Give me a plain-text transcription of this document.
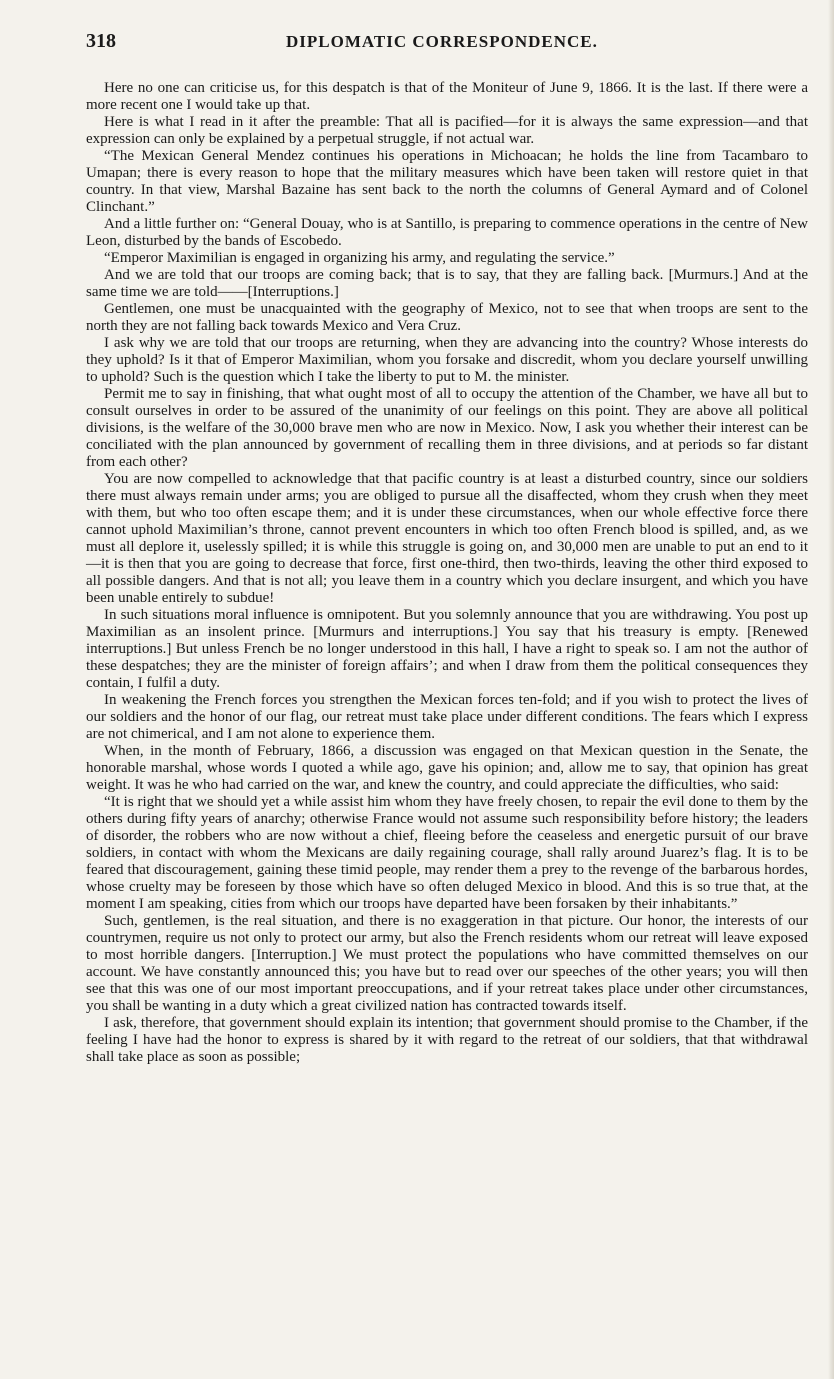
318	DIPLOMATIC CORRESPONDENCE.

Here no one can criticise us, for this despatch is that of the Moniteur of June 9, 1866. It is the last. If there were a more recent one I would take up that.

Here is what I read in it after the preamble: That all is pacified—for it is always the same expression—and that expression can only be explained by a perpetual struggle, if not actual war.

“The Mexican General Mendez continues his operations in Michoacan; he holds the line from Tacambaro to Umapan; there is every reason to hope that the military measures which have been taken will restore quiet in that country. In that view, Marshal Bazaine has sent back to the north the columns of General Aymard and of Colonel Clinchant.”

And a little further on: “General Douay, who is at Santillo, is preparing to commence operations in the centre of New Leon, disturbed by the bands of Escobedo.

“Emperor Maximilian is engaged in organizing his army, and regulating the service.”

And we are told that our troops are coming back; that is to say, that they are falling back. [Murmurs.] And at the same time we are told——[Interruptions.]

Gentlemen, one must be unacquainted with the geography of Mexico, not to see that when troops are sent to the north they are not falling back towards Mexico and Vera Cruz.

I ask why we are told that our troops are returning, when they are advancing into the country? Whose interests do they uphold? Is it that of Emperor Maximilian, whom you forsake and discredit, whom you declare yourself unwilling to uphold? Such is the question which I take the liberty to put to M. the minister.

Permit me to say in finishing, that what ought most of all to occupy the attention of the Chamber, we have all but to consult ourselves in order to be assured of the unanimity of our feelings on this point. They are above all political divisions, is the welfare of the 30,000 brave men who are now in Mexico. Now, I ask you whether their interest can be conciliated with the plan announced by government of recalling them in three divisions, and at periods so far distant from each other?

You are now compelled to acknowledge that that pacific country is at least a disturbed country, since our soldiers there must always remain under arms; you are obliged to pursue all the disaffected, whom they crush when they meet with them, but who too often escape them; and it is under these circumstances, when our whole effective force there cannot uphold Maximilian’s throne, cannot prevent encounters in which too often French blood is spilled, and, as we must all deplore it, uselessly spilled; it is while this struggle is going on, and 30,000 men are unable to put an end to it—it is then that you are going to decrease that force, first one-third, then two-thirds, leaving the other third exposed to all possible dangers. And that is not all; you leave them in a country which you declare insurgent, and which you have been unable entirely to subdue!

In such situations moral influence is omnipotent. But you solemnly announce that you are withdrawing. You post up Maximilian as an insolent prince. [Murmurs and interruptions.] You say that his treasury is empty. [Renewed interruptions.] But unless French be no longer understood in this hall, I have a right to speak so. I am not the author of these despatches; they are the minister of foreign affairs’; and when I draw from them the political consequences they contain, I fulfil a duty.

In weakening the French forces you strengthen the Mexican forces ten-fold; and if you wish to protect the lives of our soldiers and the honor of our flag, our retreat must take place under different conditions. The fears which I express are not chimerical, and I am not alone to experience them.

When, in the month of February, 1866, a discussion was engaged on that Mexican question in the Senate, the honorable marshal, whose words I quoted a while ago, gave his opinion; and, allow me to say, that opinion has great weight. It was he who had carried on the war, and knew the country, and could appreciate the difficulties, who said:

“It is right that we should yet a while assist him whom they have freely chosen, to repair the evil done to them by the others during fifty years of anarchy; otherwise France would not assume such responsibility before history; the leaders of disorder, the robbers who are now without a chief, fleeing before the ceaseless and energetic pursuit of our brave soldiers, in contact with whom the Mexicans are daily regaining courage, shall rally around Juarez’s flag. It is to be feared that discouragement, gaining these timid people, may render them a prey to the revenge of the barbarous hordes, whose cruelty may be foreseen by those which have so often deluged Mexico in blood. And this is so true that, at the moment I am speaking, cities from which our troops have departed have been forsaken by their inhabitants.”

Such, gentlemen, is the real situation, and there is no exaggeration in that picture. Our honor, the interests of our countrymen, require us not only to protect our army, but also the French residents whom our retreat will leave exposed to most horrible dangers. [Interruption.] We must protect the populations who have committed themselves on our account. We have constantly announced this; you have but to read over our speeches of the other years; you will then see that this was one of our most important preoccupations, and if your retreat takes place under other circumstances, you shall be wanting in a duty which a great civilized nation has contracted towards itself.

I ask, therefore, that government should explain its intention; that government should promise to the Chamber, if the feeling I have had the honor to express is shared by it with regard to the retreat of our soldiers, that that withdrawal shall take place as soon as possible;
